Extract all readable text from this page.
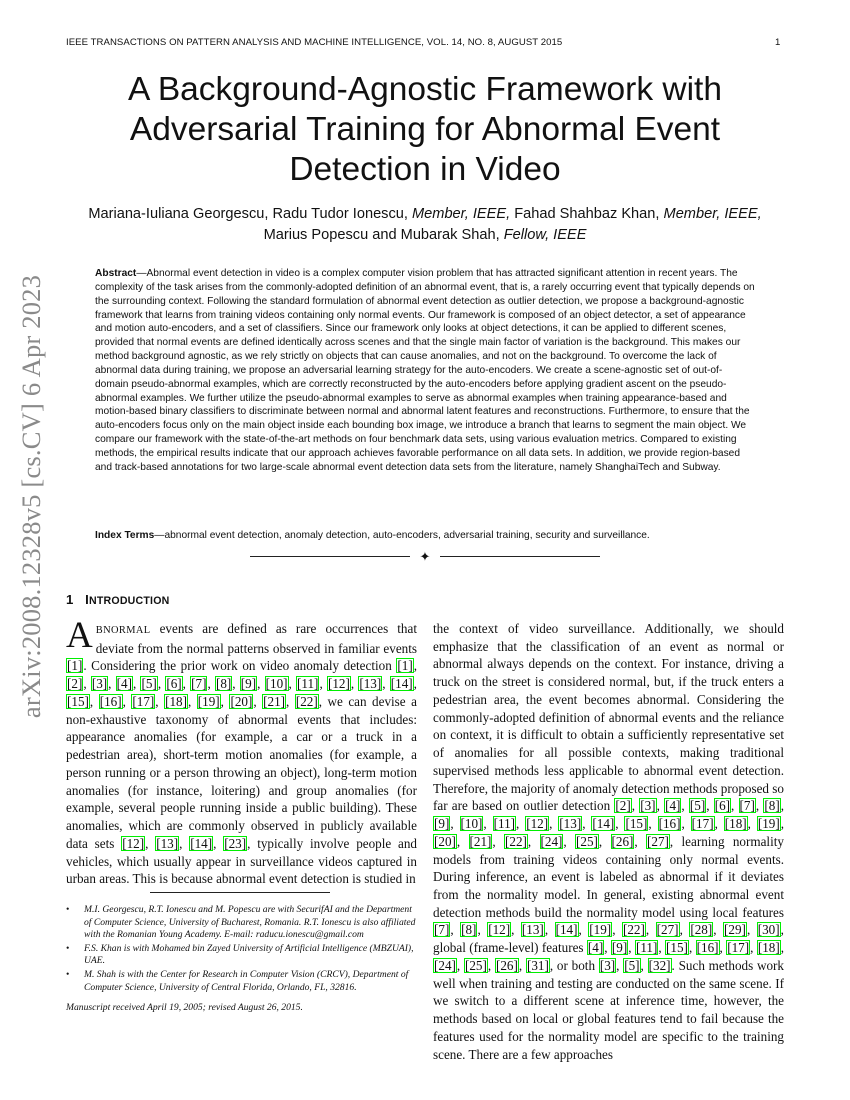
IEEE TRANSACTIONS ON PATTERN ANALYSIS AND MACHINE INTELLIGENCE, VOL. 14, NO. 8, AUGUST 2015	1
arXiv:2008.12328v5 [cs.CV] 6 Apr 2023
A Background-Agnostic Framework with
Adversarial Training for Abnormal Event
Detection in Video
Mariana-Iuliana Georgescu, Radu Tudor Ionescu, Member, IEEE, Fahad Shahbaz Khan, Member, IEEE,
Marius Popescu and Mubarak Shah, Fellow, IEEE
Abstract—Abnormal event detection in video is a complex computer vision problem that has attracted significant attention in recent years. The complexity of the task arises from the commonly-adopted definition of an abnormal event, that is, a rarely occurring event that typically depends on the surrounding context. Following the standard formulation of abnormal event detection as outlier detection, we propose a background-agnostic framework that learns from training videos containing only normal events. Our framework is composed of an object detector, a set of appearance and motion auto-encoders, and a set of classifiers. Since our framework only looks at object detections, it can be applied to different scenes, provided that normal events are defined identically across scenes and that the single main factor of variation is the background. This makes our method background agnostic, as we rely strictly on objects that can cause anomalies, and not on the background. To overcome the lack of abnormal data during training, we propose an adversarial learning strategy for the auto-encoders. We create a scene-agnostic set of out-of-domain pseudo-abnormal examples, which are correctly reconstructed by the auto-encoders before applying gradient ascent on the pseudo-abnormal examples. We further utilize the pseudo-abnormal examples to serve as abnormal examples when training appearance-based and motion-based binary classifiers to discriminate between normal and abnormal latent features and reconstructions. Furthermore, to ensure that the auto-encoders focus only on the main object inside each bounding box image, we introduce a branch that learns to segment the main object. We compare our framework with the state-of-the-art methods on four benchmark data sets, using various evaluation metrics. Compared to existing methods, the empirical results indicate that our approach achieves favorable performance on all data sets. In addition, we provide region-based and track-based annotations for two large-scale abnormal event detection data sets from the literature, namely ShanghaiTech and Subway.
Index Terms—abnormal event detection, anomaly detection, auto-encoders, adversarial training, security and surveillance.
✦
1 INTRODUCTION

ABNORMAL events are defined as rare occurrences that deviate from the normal patterns observed in familiar events [1]. Considering the prior work on video anomaly detection [1], [2], [3], [4], [5], [6], [7], [8], [9], [10], [11], [12], [13], [14], [15], [16], [17], [18], [19], [20], [21], [22], we can devise a non-exhaustive taxonomy of abnormal events that includes: appearance anomalies (for example, a car or a truck in a pedestrian area), short-term motion anomalies (for example, a person running or a person throwing an object), long-term motion anomalies (for instance, loitering) and group anomalies (for example, several people running inside a public building). These anomalies, which are commonly observed in publicly available data sets [12], [13], [14], [23], typically involve people and vehicles, which usually appear in surveillance videos captured in urban areas. This is because abnormal event detection is studied in

the context of video surveillance. Additionally, we should emphasize that the classification of an event as normal or abnormal always depends on the context. For instance, driving a truck on the street is considered normal, but, if the truck enters a pedestrian area, the event becomes abnormal. Considering the commonly-adopted definition of abnormal events and the reliance on context, it is difficult to obtain a sufficiently representative set of anomalies for all possible contexts, making traditional supervised methods less applicable to abnormal event detection. Therefore, the majority of anomaly detection methods proposed so far are based on outlier detection [2], [3], [4], [5], [6], [7], [8], [9], [10], [11], [12], [13], [14], [15], [16], [17], [18], [19], [20], [21], [22], [24], [25], [26], [27], learning normality models from training videos containing only normal events. During inference, an event is labeled as abnormal if it deviates from the normality model. In general, existing abnormal event detection methods build the normality model using local features [7], [8], [12], [13], [14], [19], [22], [27], [28], [29], [30], global (frame-level) features [4], [9], [11], [15], [16], [17], [18], [24], [25], [26], [31], or both [3], [5], [32]. Such methods work well when training and testing are conducted on the same scene. If we switch to a different scene at inference time, however, the methods based on local or global features tend to fail because the features used for the normality model are specific to the training scene. There are a few approaches

• M.I. Georgescu, R.T. Ionescu and M. Popescu are with SecurifAI and the Department of Computer Science, University of Bucharest, Romania. R.T. Ionescu is also affiliated with the Romanian Young Academy. E-mail: raducu.ionescu@gmail.com
• F.S. Khan is with Mohamed bin Zayed University of Artificial Intelligence (MBZUAI), UAE.
• M. Shah is with the Center for Research in Computer Vision (CRCV), Department of Computer Science, University of Central Florida, Orlando, FL, 32816.
Manuscript received April 19, 2005; revised August 26, 2015.
